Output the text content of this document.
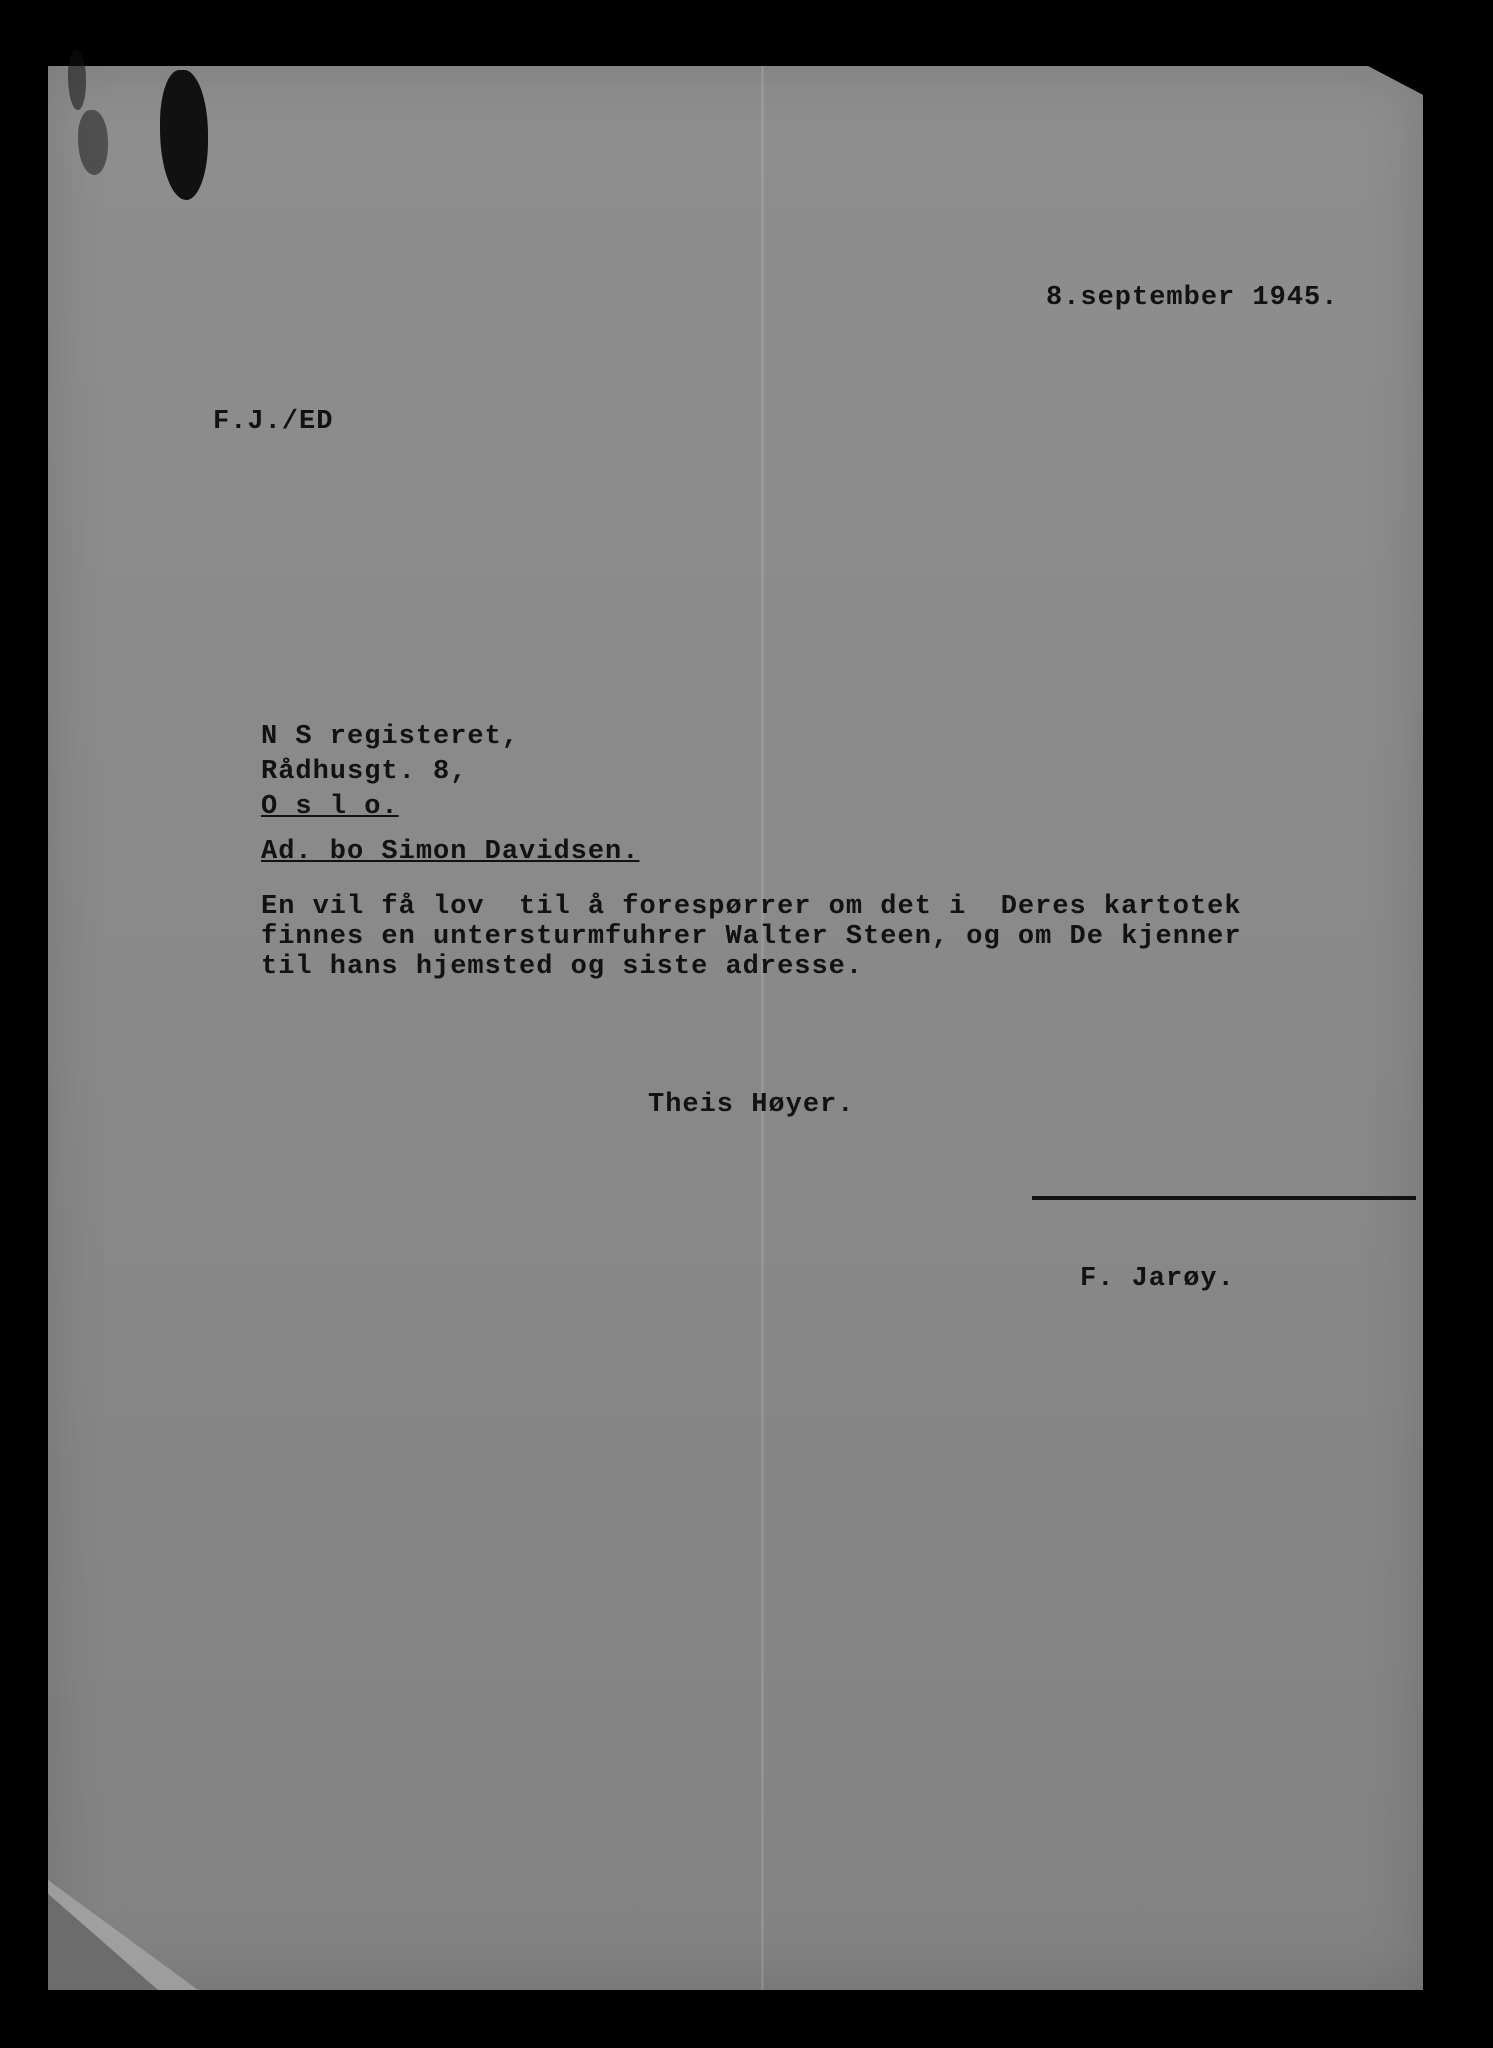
8.september 1945.

F.J./ED

N S registeret,

Rådhusgt. 8,

O s l o.

Ad. bo Simon Davidsen.

En vil få lov  til å forespørrer om det i  Deres kartotek

finnes en untersturmfuhrer Walter Steen, og om De kjenner

til hans hjemsted og siste adresse.

Theis Høyer.

F. Jarøy.
